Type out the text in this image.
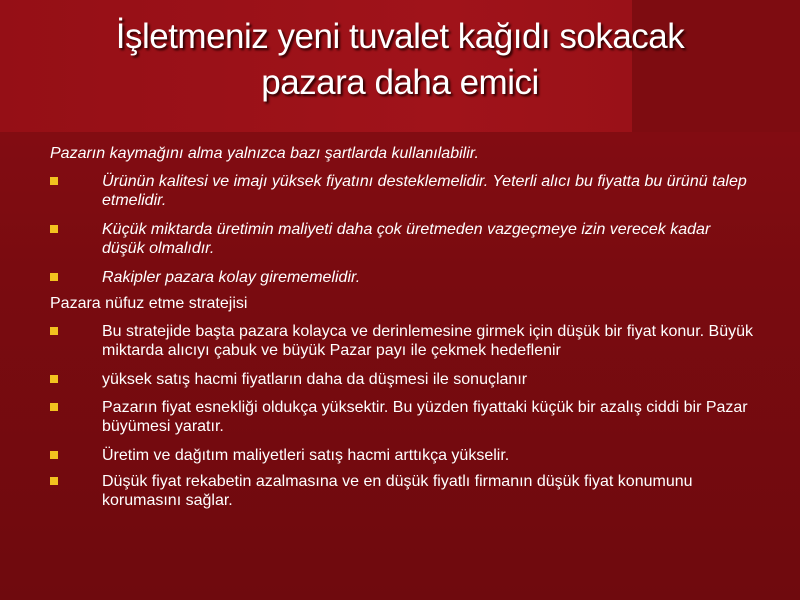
İşletmeniz yeni tuvalet kağıdı sokacak
pazara daha emici
Pazarın kaymağını alma yalnızca bazı şartlarda kullanılabilir.
Ürünün kalitesi ve imajı yüksek fiyatını desteklemelidir. Yeterli alıcı bu fiyatta bu ürünü talep etmelidir.
Küçük miktarda üretimin maliyeti daha çok üretmeden vazgeçmeye izin verecek kadar düşük olmalıdır.
Rakipler pazara kolay girememelidir.
Pazara nüfuz etme stratejisi
Bu stratejide başta pazara kolayca ve derinlemesine girmek için düşük bir fiyat konur. Büyük miktarda alıcıyı çabuk ve büyük Pazar payı ile çekmek hedeflenir
yüksek satış hacmi fiyatların daha da düşmesi ile sonuçlanır
Pazarın fiyat esnekliği oldukça yüksektir. Bu yüzden fiyattaki küçük bir azalış ciddi bir Pazar büyümesi yaratır.
Üretim ve dağıtım maliyetleri satış hacmi arttıkça yükselir.
Düşük fiyat rekabetin azalmasına ve en düşük fiyatlı firmanın düşük fiyat konumunu korumasını sağlar.
